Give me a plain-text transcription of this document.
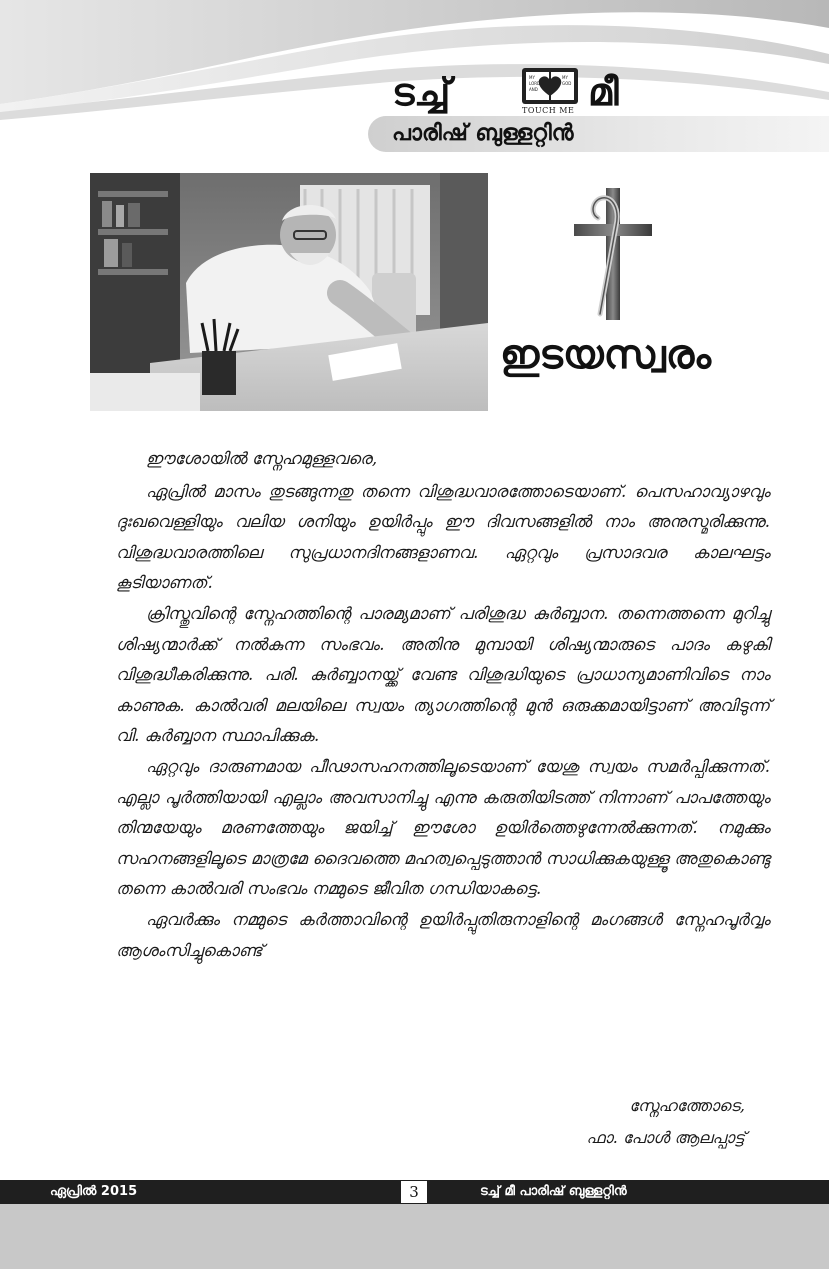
ടച്ച്	MY
LORD
AND
MY
GOD മീ
TOUCH ME
പാരിഷ് ബുള്ളറ്റിൻ
ഇടയസ്വരം

ഈശോയിൽ സ്നേഹമുള്ളവരെ,

ഏപ്രിൽ മാസം തുടങ്ങുന്നതു തന്നെ വിശുദ്ധവാരത്തോടെയാണ്. പെസഹാവ്യാഴവും ദുഃഖവെള്ളിയും വലിയ ശനിയും ഉയിർപ്പും ഈ ദിവസങ്ങളിൽ നാം അനുസ്മരിക്കുന്നു. വിശുദ്ധവാരത്തിലെ സുപ്രധാനദിനങ്ങളാണവ. ഏറ്റവും പ്രസാദവര കാലഘട്ടം കൂടിയാണത്.

ക്രിസ്തുവിന്റെ സ്നേഹത്തിന്റെ പാരമ്യമാണ് പരിശുദ്ധ കുർബ്ബാന. തന്നെത്തന്നെ മുറിച്ചു ശിഷ്യന്മാർക്ക് നൽകുന്ന സംഭവം. അതിനു മുമ്പായി ശിഷ്യന്മാരുടെ പാദം കഴുകി വിശുദ്ധീകരിക്കുന്നു. പരി. കുർബ്ബാനയ്ക്ക് വേണ്ട വിശുദ്ധിയുടെ പ്രാധാന്യമാണിവിടെ നാം കാണുക. കാൽവരി മലയിലെ സ്വയം ത്യാഗത്തിന്റെ മുൻ ഒരുക്കമായിട്ടാണ് അവിടുന്ന് വി. കുർബ്ബാന സ്ഥാപിക്കുക.

ഏറ്റവും ദാരുണമായ പീഢാസഹനത്തിലൂടെയാണ് യേശു സ്വയം സമർപ്പിക്കുന്നത്. എല്ലാ പൂർത്തിയായി എല്ലാം അവസാനിച്ചു എന്നു കരുതിയിടത്ത് നിന്നാണ് പാപത്തേയും തിന്മയേയും മരണത്തേയും ജയിച്ച് ഈശോ ഉയിർത്തെഴുന്നേൽക്കുന്നത്. നമുക്കും സഹനങ്ങളിലൂടെ മാത്രമേ ദൈവത്തെ മഹത്വപ്പെടുത്താൻ സാധിക്കുകയുള്ളൂ അതുകൊണ്ടു തന്നെ കാൽവരി സംഭവം നമ്മുടെ ജീവിത ഗന്ധിയാകട്ടെ.

ഏവർക്കും നമ്മുടെ കർത്താവിന്റെ ഉയിർപ്പുതിരുനാളിന്റെ മംഗങ്ങൾ സ്നേഹപൂർവ്വം ആശംസിച്ചുകൊണ്ട്

സ്നേഹത്തോടെ,
ഫാ. പോൾ ആലപ്പാട്ട്
ഏപ്രിൽ 2015	3	ടച്ച് മീ പാരിഷ് ബുള്ളറ്റിൻ
